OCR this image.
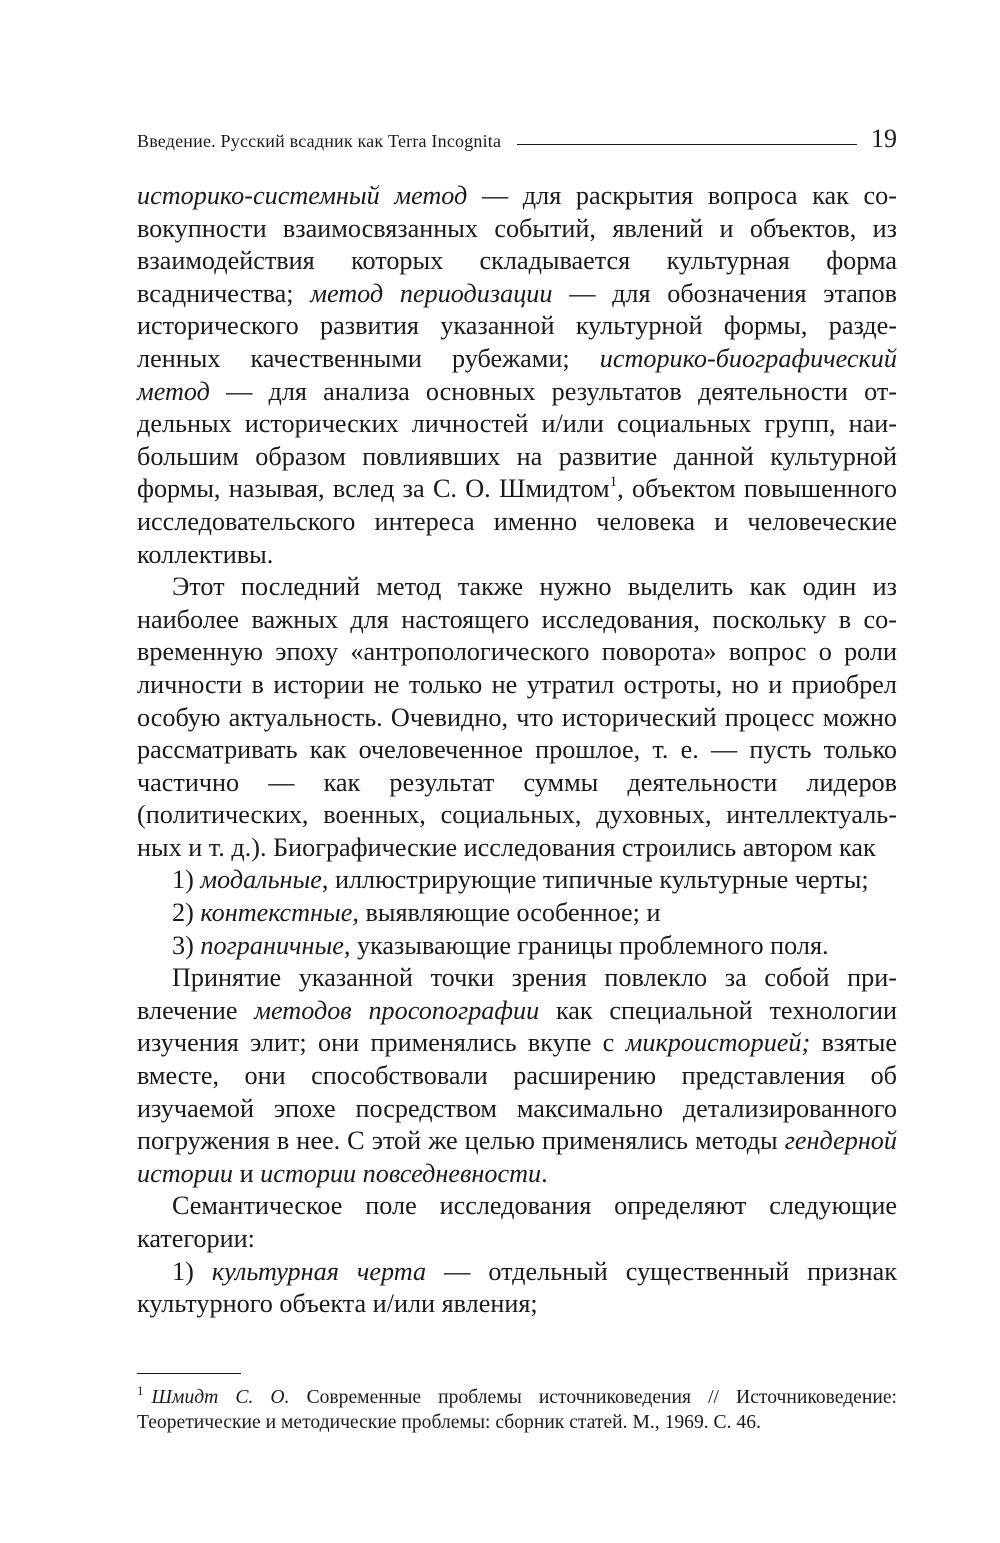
Введение. Русский всадник как Terra Incognita	19

историко-системный метод — для раскрытия вопроса как совокупности взаимосвязанных событий, явлений и объектов, из взаимодействия которых складывается культурная форма всадничества; метод периодизации — для обозначения этапов исторического развития указанной культурной формы, разделенных качественными рубежами; историко-биографический метод — для анализа основных результатов деятельности отдельных исторических личностей и/или социальных групп, наибольшим образом повлиявших на развитие данной культурной формы, называя, вслед за С. О. Шмидтом$^1$, объектом повышенного исследовательского интереса именно человека и человеческие коллективы.

Этот последний метод также нужно выделить как один из наиболее важных для настоящего исследования, поскольку в современную эпоху «антропологического поворота» вопрос о роли личности в истории не только не утратил остроты, но и приобрел особую актуальность. Очевидно, что исторический процесс можно рассматривать как очеловеченное прошлое, т. е. — пусть только частично — как результат суммы деятельности лидеров (политических, военных, социальных, духовных, интеллектуальных и т. д.). Биографические исследования строились автором как

1) модальные, иллюстрирующие типичные культурные черты;

2) контекстные, выявляющие особенное; и

3) пограничные, указывающие границы проблемного поля.

Принятие указанной точки зрения повлекло за собой привлечение методов просопографии как специальной технологии изучения элит; они применялись вкупе с микроисторией; взятые вместе, они способствовали расширению представления об изучаемой эпохе посредством максимально детализированного погружения в нее. С этой же целью применялись методы гендерной истории и истории повседневности.

Семантическое поле исследования определяют следующие категории:

1) культурная черта — отдельный существенный признак культурного объекта и/или явления;

$^1$ Шмидт С. О. Современные проблемы источниковедения // Источниковедение: Теоретические и методические проблемы: сборник статей. М., 1969. С. 46.
